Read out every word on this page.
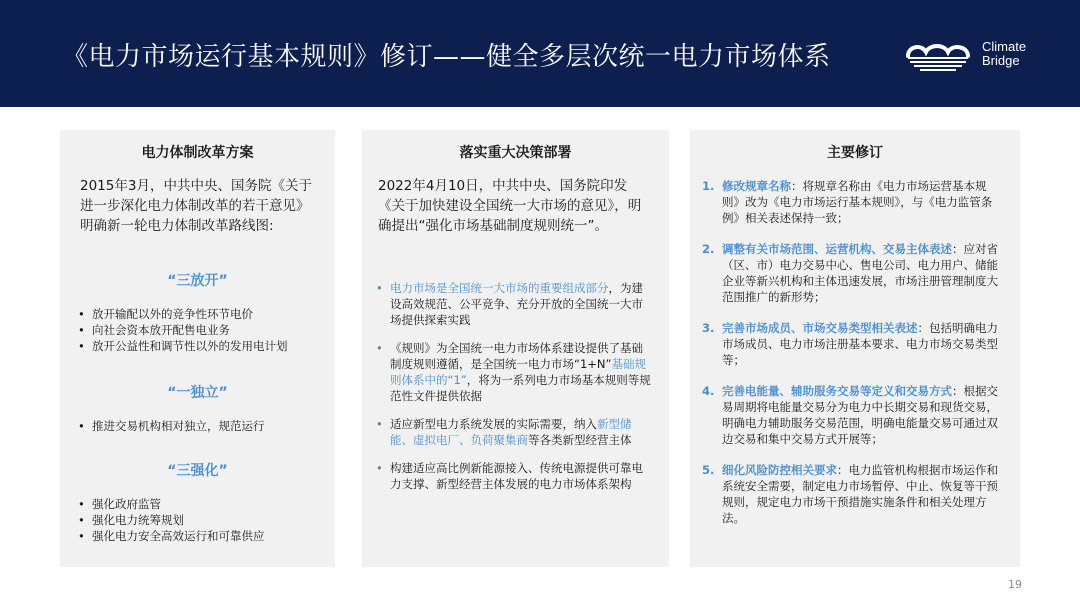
《电力市场运行基本规则》修订——健全多层次统一电力市场体系	Climate
Bridge
电力体制改革方案
2015年3月，中共中央、国务院《关于进一步深化电力体制改革的若干意见》明确新一轮电力体制改革路线图:
“三放开”
• 放开输配以外的竞争性环节电价
• 向社会资本放开配售电业务
• 放开公益性和调节性以外的发用电计划
“一独立”
• 推进交易机构相对独立，规范运行
“三强化”
• 强化政府监管
• 强化电力统筹规划
• 强化电力安全高效运行和可靠供应
落实重大决策部署
2022年4月10日，中共中央、国务院印发《关于加快建设全国统一大市场的意见》，明确提出“强化市场基础制度规则统一”。
• 电力市场是全国统一大市场的重要组成部分，为建设高效规范、公平竞争、充分开放的全国统一大市场提供探索实践
• 《规则》为全国统一电力市场体系建设提供了基础制度规则遵循，是全国统一电力市场“1+N”基础规则体系中的“1”，将为一系列电力市场基本规则等规范性文件提供依据
• 适应新型电力系统发展的实际需要，纳入新型储能、虚拟电厂、负荷聚集商等各类新型经营主体
• 构建适应高比例新能源接入、传统电源提供可靠电力支撑、新型经营主体发展的电力市场体系架构
主要修订
1. 修改规章名称：将规章名称由《电力市场运营基本规则》改为《电力市场运行基本规则》，与《电力监管条例》相关表述保持一致；
2. 调整有关市场范围、运营机构、交易主体表述：应对省（区、市）电力交易中心、售电公司、电力用户、储能企业等新兴机构和主体迅速发展，市场注册管理制度大范围推广的新形势；
3. 完善市场成员、市场交易类型相关表述：包括明确电力市场成员、电力市场注册基本要求、电力市场交易类型等；
4. 完善电能量、辅助服务交易等定义和交易方式：根据交易周期将电能量交易分为电力中长期交易和现货交易，明确电力辅助服务交易范围，明确电能量交易可通过双边交易和集中交易方式开展等；
5. 细化风险防控相关要求：电力监管机构根据市场运作和系统安全需要，制定电力市场暂停、中止、恢复等干预规则，规定电力市场干预措施实施条件和相关处理方法。
19
